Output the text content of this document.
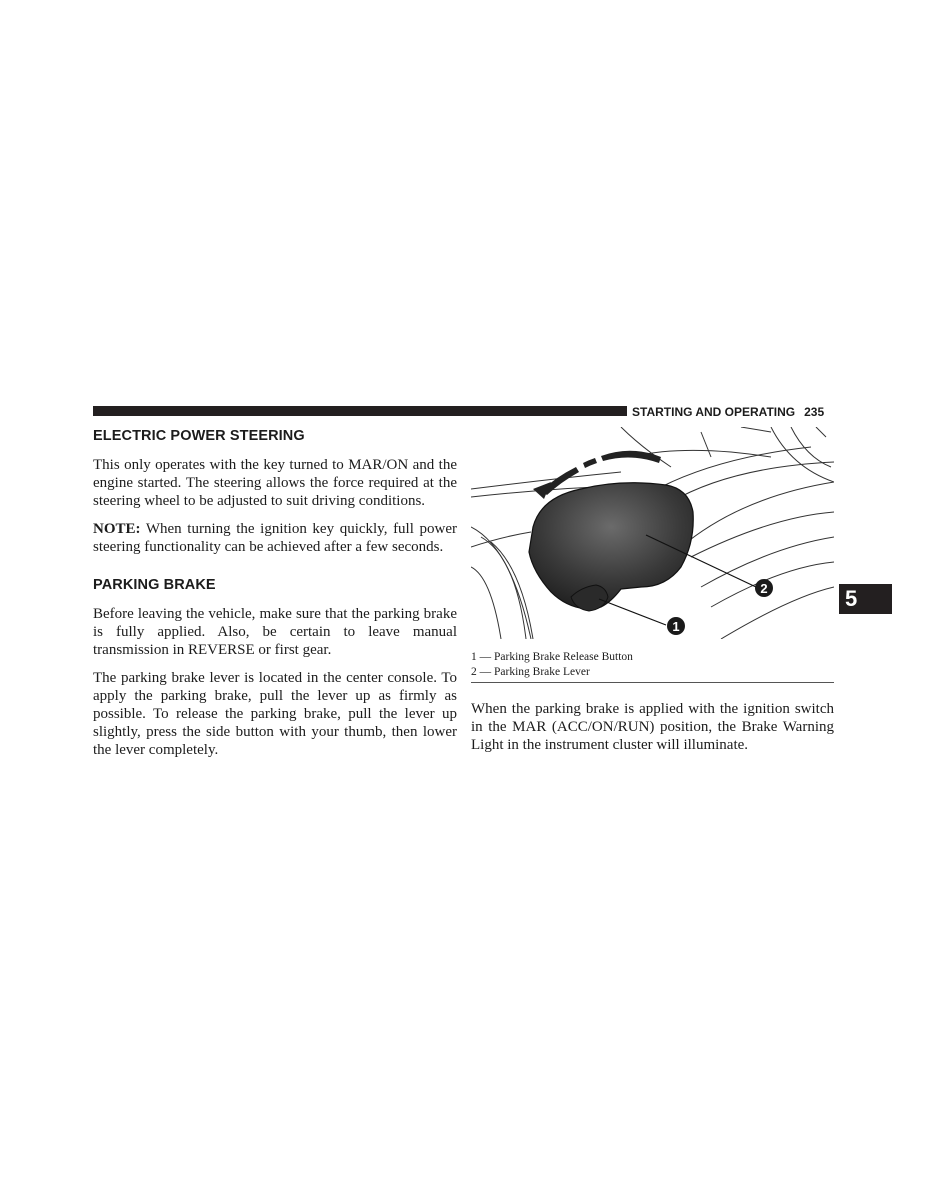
STARTING AND OPERATING 235
ELECTRIC POWER STEERING

This only operates with the key turned to MAR/ON and the engine started. The steering allows the force required at the steering wheel to be adjusted to suit driving conditions.

NOTE: When turning the ignition key quickly, full power steering functionality can be achieved after a few seconds.

PARKING BRAKE

Before leaving the vehicle, make sure that the parking brake is fully applied. Also, be certain to leave manual transmission in REVERSE or first gear.

The parking brake lever is located in the center console. To apply the parking brake, pull the lever up as firmly as possible. To release the parking brake, pull the lever up slightly, press the side button with your thumb, then lower the lever completely.

2
1
1 — Parking Brake Release Button
2 — Parking Brake Lever

When the parking brake is applied with the ignition switch in the MAR (ACC/ON/RUN) position, the Brake Warning Light in the instrument cluster will illuminate.

5
